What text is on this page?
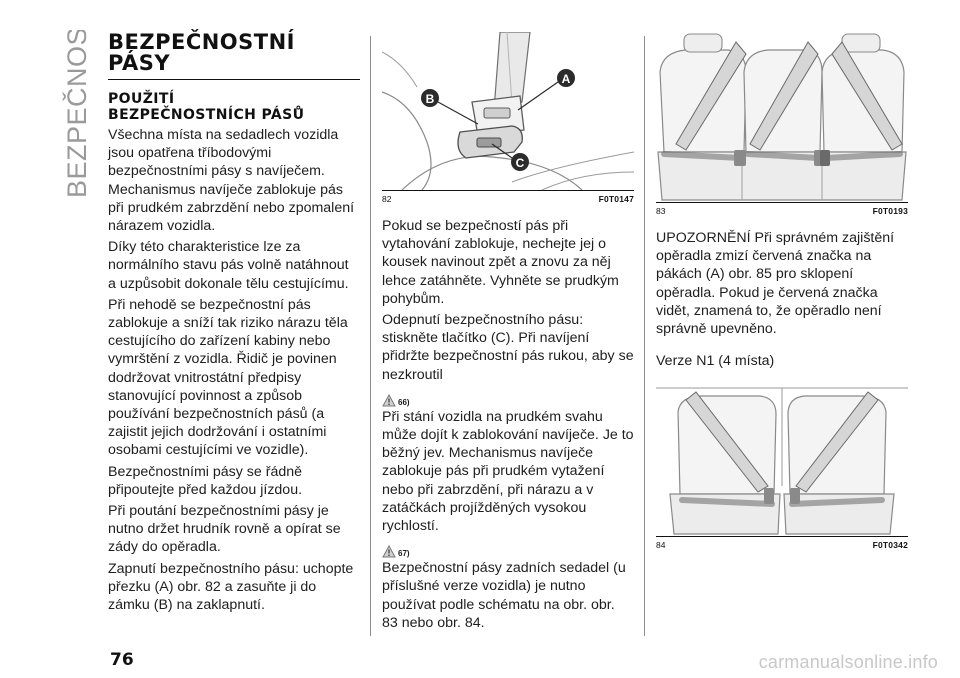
BEZPEČNOST BEZPEČNOSTNÍ
PÁSY
POUŽITÍ
BEZPEČNOSTNÍCH PÁSŮ

Všechna místa na sedadlech vozidla jsou opatřena tříbodovými bezpečnostními pásy s navíječem. Mechanismus navíječe zablokuje pás při prudkém zabrzdění nebo zpomalení nárazem vozidla.

Díky této charakteristice lze za normálního stavu pás volně natáhnout a uzpůsobit dokonale tělu cestujícímu.

Při nehodě se bezpečnostní pás zablokuje a sníží tak riziko nárazu těla cestujícího do zařízení kabiny nebo vymrštění z vozidla. Řidič je povinen dodržovat vnitrostátní předpisy stanovující povinnost a způsob používání bezpečnostních pásů (a zajistit jejich dodržování i ostatními osobami cestujícími ve vozidle).

Bezpečnostními pásy se řádně připoutejte před každou jízdou.

Při poutání bezpečnostními pásy je nutno držet hrudník rovně a opírat se zády do opěradla.

Zapnutí bezpečnostního pásu: uchopte přezku (A) obr. 82 a zasuňte ji do zámku (B) na zaklapnutí.

A
B
C
82	F0T0147

Pokud se bezpečností pás při vytahování zablokuje, nechejte jej o kousek navinout zpět a znovu za něj lehce zatáhněte. Vyhněte se prudkým pohybům.

Odepnutí bezpečnostního pásu: stiskněte tlačítko (C). Při navíjení přidržte bezpečnostní pás rukou, aby se nezkroutil

66)

Při stání vozidla na prudkém svahu může dojít k zablokování navíječe. Je to běžný jev. Mechanismus navíječe zablokuje pás při prudkém vytažení nebo při zabrzdění, při nárazu a v zatáčkách projížděných vysokou rychlostí.

67)

Bezpečnostní pásy zadních sedadel (u příslušné verze vozidla) je nutno používat podle schématu na obr. obr. 83 nebo obr. 84.

83	F0T0193

UPOZORNĚNÍ Při správném zajištění opěradla zmizí červená značka na pákách (A) obr. 85 pro sklopení opěradla. Pokud je červená značka vidět, znamená to, že opěradlo není správně upevněno.

Verze N1 (4 místa)

84	F0T0342
76	carmanualsonline.info
